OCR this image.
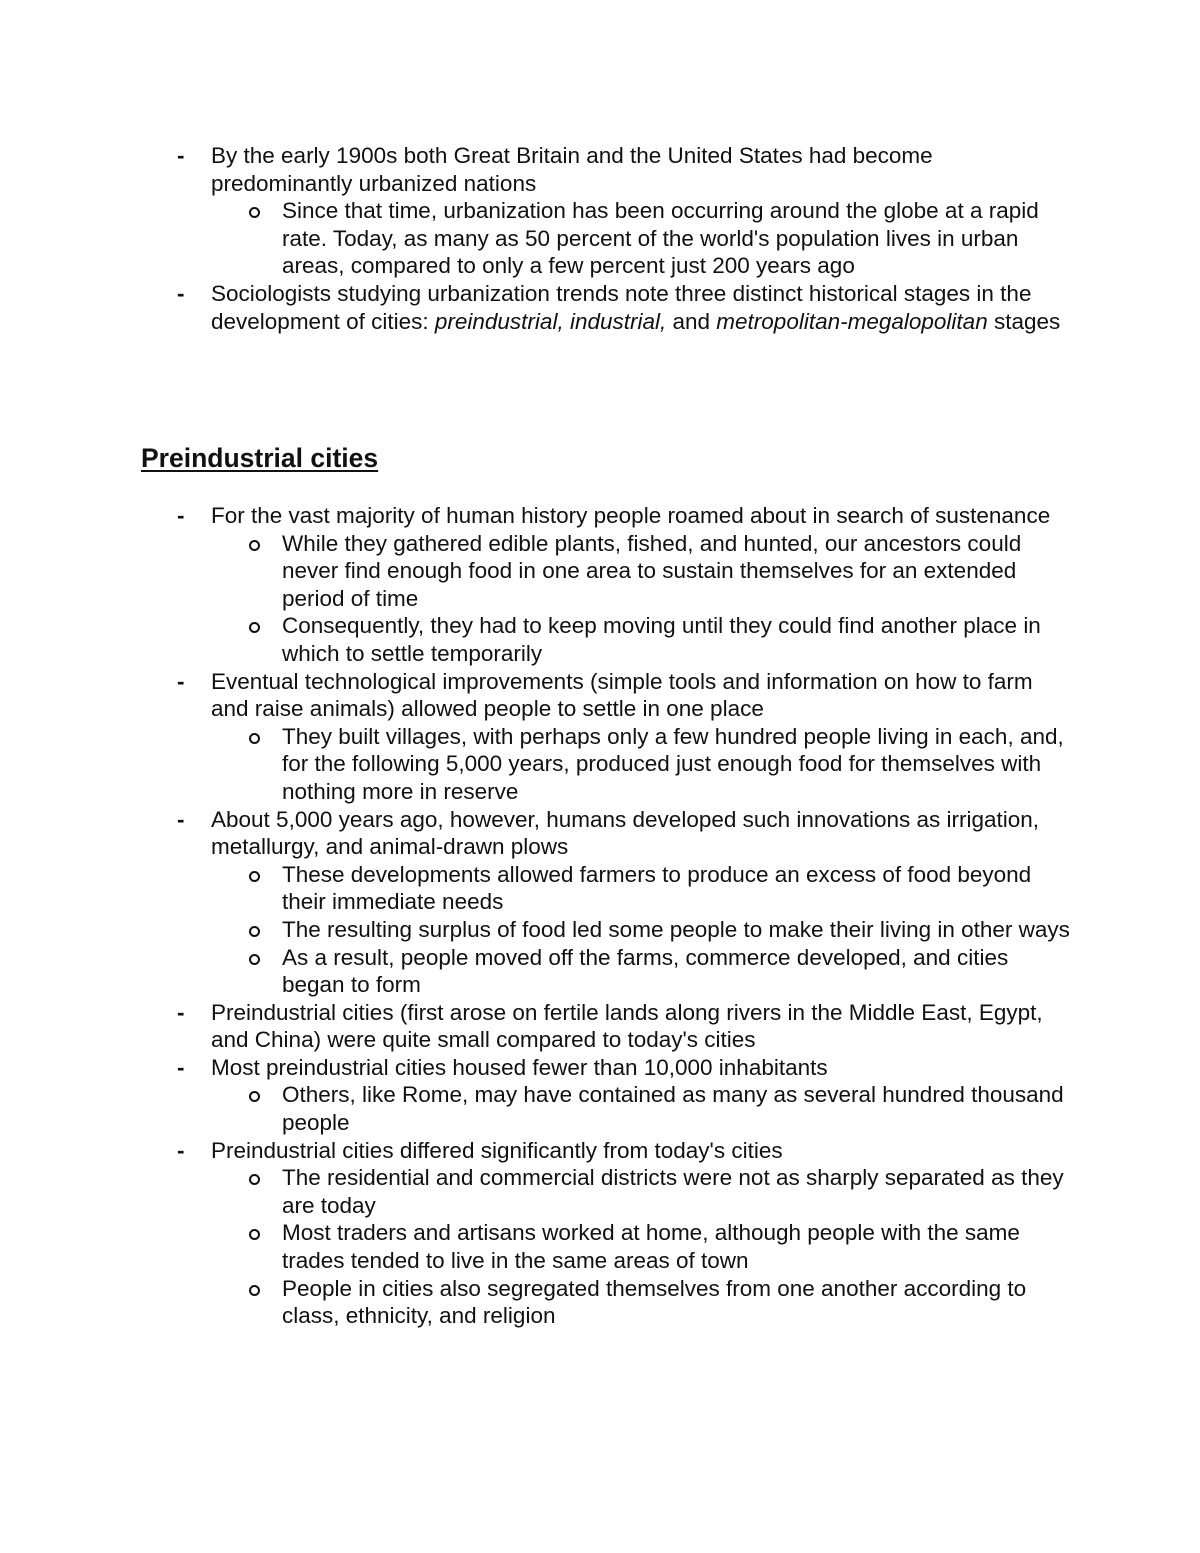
- By the early 1900s both Great Britain and the United States had become predominantly urbanized nations

Since that time, urbanization has been occurring around the globe at a rapid rate. Today, as many as 50 percent of the world's population lives in urban areas, compared to only a few percent just 200 years ago

- Sociologists studying urbanization trends note three distinct historical stages in the development of cities: preindustrial, industrial, and metropolitan-megalopolitan stages

Preindustrial cities

- For the vast majority of human history people roamed about in search of sustenance

While they gathered edible plants, fished, and hunted, our ancestors could never find enough food in one area to sustain themselves for an extended period of time

Consequently, they had to keep moving until they could find another place in which to settle temporarily

- Eventual technological improvements (simple tools and information on how to farm and raise animals) allowed people to settle in one place

They built villages, with perhaps only a few hundred people living in each, and, for the following 5,000 years, produced just enough food for themselves with nothing more in reserve

- About 5,000 years ago, however, humans developed such innovations as irrigation, metallurgy, and animal-drawn plows

These developments allowed farmers to produce an excess of food beyond their immediate needs

The resulting surplus of food led some people to make their living in other ways

As a result, people moved off the farms, commerce developed, and cities began to form

- Preindustrial cities (first arose on fertile lands along rivers in the Middle East, Egypt, and China) were quite small compared to today's cities

- Most preindustrial cities housed fewer than 10,000 inhabitants

Others, like Rome, may have contained as many as several hundred thousand people

- Preindustrial cities differed significantly from today's cities

The residential and commercial districts were not as sharply separated as they are today

Most traders and artisans worked at home, although people with the same trades tended to live in the same areas of town

People in cities also segregated themselves from one another according to class, ethnicity, and religion
